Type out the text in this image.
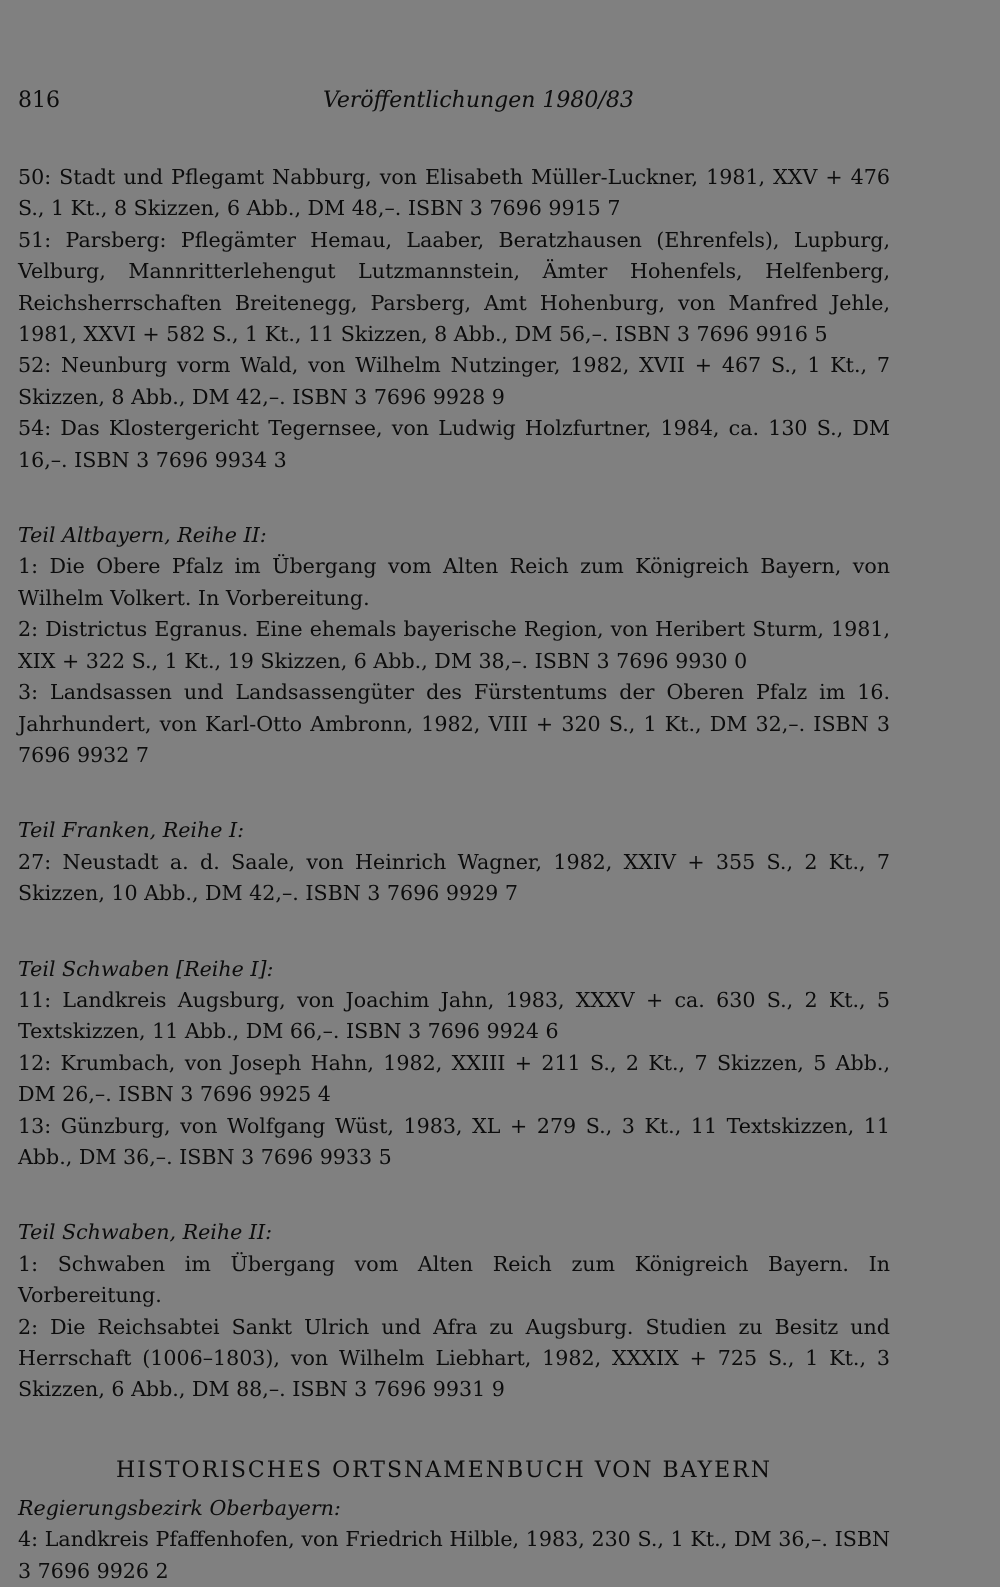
816	Veröffentlichungen 1980/83

50: Stadt und Pflegamt Nabburg, von Elisabeth Müller-Luckner, 1981, XXV + 476 S., 1 Kt., 8 Skizzen, 6 Abb., DM 48,–. ISBN 3 7696 9915 7

51: Parsberg: Pflegämter Hemau, Laaber, Beratzhausen (Ehrenfels), Lupburg, Velburg, Mannritterlehengut Lutzmannstein, Ämter Hohenfels, Helfenberg, Reichsherrschaften Breitenegg, Parsberg, Amt Hohenburg, von Manfred Jehle, 1981, XXVI + 582 S., 1 Kt., 11 Skizzen, 8 Abb., DM 56,–. ISBN 3 7696 9916 5

52: Neunburg vorm Wald, von Wilhelm Nutzinger, 1982, XVII + 467 S., 1 Kt., 7 Skizzen, 8 Abb., DM 42,–. ISBN 3 7696 9928 9

54: Das Klostergericht Tegernsee, von Ludwig Holzfurtner, 1984, ca. 130 S., DM 16,–. ISBN 3 7696 9934 3

Teil Altbayern, Reihe II:

1: Die Obere Pfalz im Übergang vom Alten Reich zum Königreich Bayern, von Wilhelm Volkert. In Vorbereitung.

2: Districtus Egranus. Eine ehemals bayerische Region, von Heribert Sturm, 1981, XIX + 322 S., 1 Kt., 19 Skizzen, 6 Abb., DM 38,–. ISBN 3 7696 9930 0

3: Landsassen und Landsassengüter des Fürstentums der Oberen Pfalz im 16. Jahrhundert, von Karl-Otto Ambronn, 1982, VIII + 320 S., 1 Kt., DM 32,–. ISBN 3 7696 9932 7

Teil Franken, Reihe I:

27: Neustadt a. d. Saale, von Heinrich Wagner, 1982, XXIV + 355 S., 2 Kt., 7 Skizzen, 10 Abb., DM 42,–. ISBN 3 7696 9929 7

Teil Schwaben [Reihe I]:

11: Landkreis Augsburg, von Joachim Jahn, 1983, XXXV + ca. 630 S., 2 Kt., 5 Textskizzen, 11 Abb., DM 66,–. ISBN 3 7696 9924 6

12: Krumbach, von Joseph Hahn, 1982, XXIII + 211 S., 2 Kt., 7 Skizzen, 5 Abb., DM 26,–. ISBN 3 7696 9925 4

13: Günzburg, von Wolfgang Wüst, 1983, XL + 279 S., 3 Kt., 11 Textskizzen, 11 Abb., DM 36,–. ISBN 3 7696 9933 5

Teil Schwaben, Reihe II:

1: Schwaben im Übergang vom Alten Reich zum Königreich Bayern. In Vorbereitung.

2: Die Reichsabtei Sankt Ulrich und Afra zu Augsburg. Studien zu Besitz und Herrschaft (1006–1803), von Wilhelm Liebhart, 1982, XXXIX + 725 S., 1 Kt., 3 Skizzen, 6 Abb., DM 88,–. ISBN 3 7696 9931 9

HISTORISCHES ORTSNAMENBUCH VON BAYERN

Regierungsbezirk Oberbayern:

4: Landkreis Pfaffenhofen, von Friedrich Hilble, 1983, 230 S., 1 Kt., DM 36,–. ISBN 3 7696 9926 2
